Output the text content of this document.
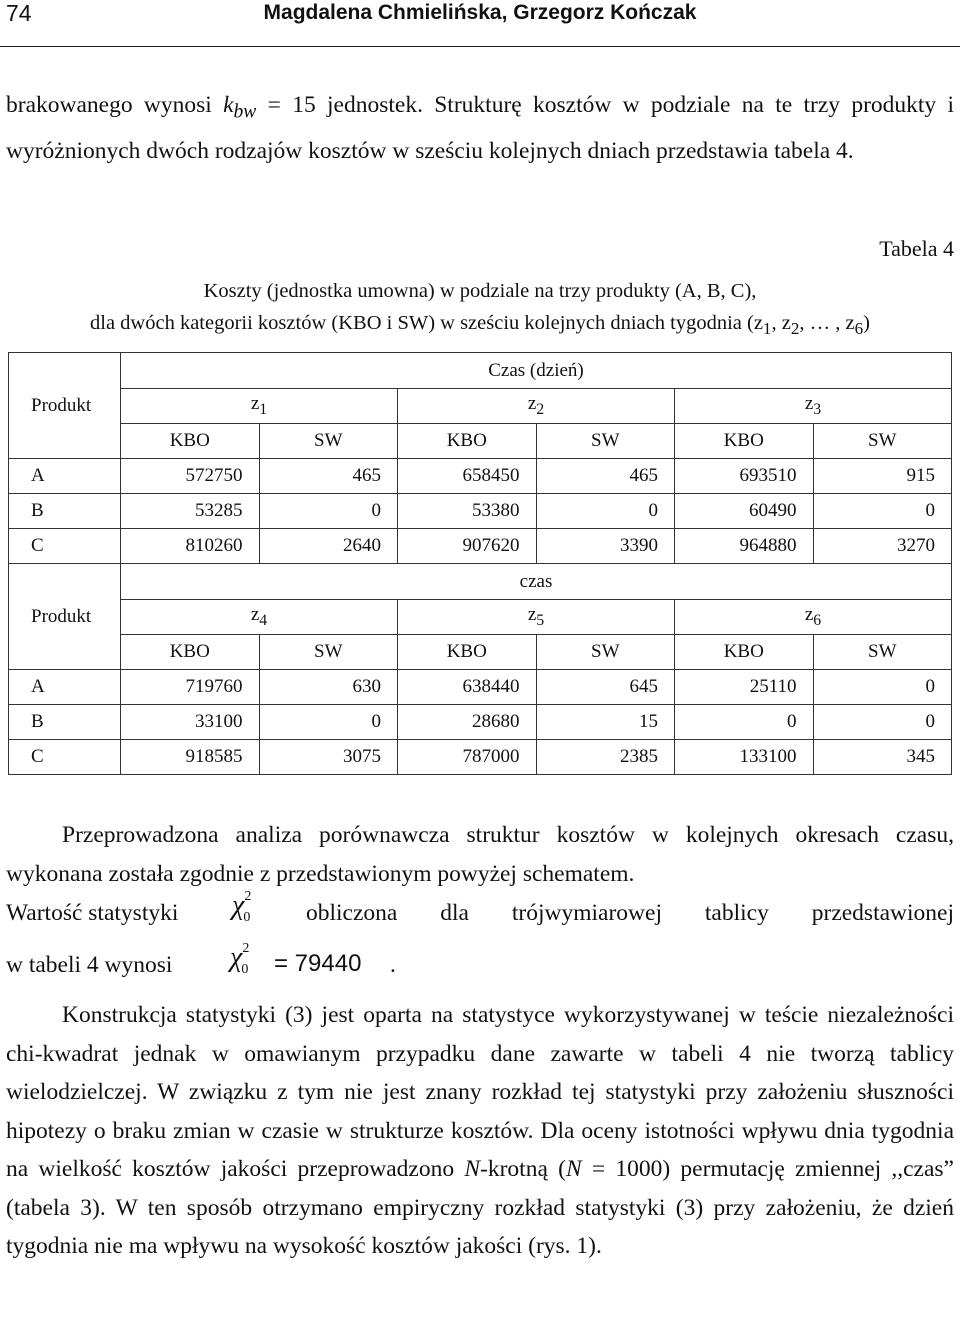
74	Magdalena Chmielińska, Grzegorz Kończak
brakowanego wynosi $k_{bw} = 15$ jednostek. Strukturę kosztów w podziale na te trzy produkty i wyróżnionych dwóch rodzajów kosztów w sześciu kolejnych dniach przedstawia tabela 4.
Tabela 4
Koszty (jednostka umowna) w podziale na trzy produkty (A, B, C),
dla dwóch kategorii kosztów (KBO i SW) w sześciu kolejnych dniach tygodnia ($z_1$, $z_2$, … , $z_6$)
Produkt	Czas (dzień)					
	$z_1$		$z_2$		$z_3$
	KBO	SW	KBO	SW	KBO	SW
A	572750	465	658450	465	693510	915
B	53285	0	53380	0	60490	0
C	810260	2640	907620	3390	964880	3270
Produkt	czas					
	$z_4$		$z_5$		$z_6$
	KBO	SW	KBO	SW	KBO	SW
A	719760	630	638440	645	25110	0
B	33100	0	28680	15	0	0
C	918585	3075	787000	2385	133100	345
Przeprowadzona analiza porównawcza struktur kosztów w kolejnych okresach czasu, wykonana została zgodnie z przedstawionym powyżej schematem.
Wartość statystyki $\chi^2_0$	obliczona dla trójwymiarowej tablicy przedstawionej
w tabeli 4 wynosi $\chi^2_0$	= 79440 .
Konstrukcja statystyki (3) jest oparta na statystyce wykorzystywanej w teście niezależności chi-kwadrat jednak w omawianym przypadku dane zawarte w tabeli 4 nie tworzą tablicy wielodzielczej. W związku z tym nie jest znany rozkład tej statystyki przy założeniu słuszności hipotezy o braku zmian w czasie w strukturze kosztów. Dla oceny istotności wpływu dnia tygodnia na wielkość kosztów jakości przeprowadzono N-krotną (N = 1000) permutację zmiennej ,,czas” (tabela 3). W ten sposób otrzymano empiryczny rozkład statystyki (3) przy założeniu, że dzień tygodnia nie ma wpływu na wysokość kosztów jakości (rys. 1).
